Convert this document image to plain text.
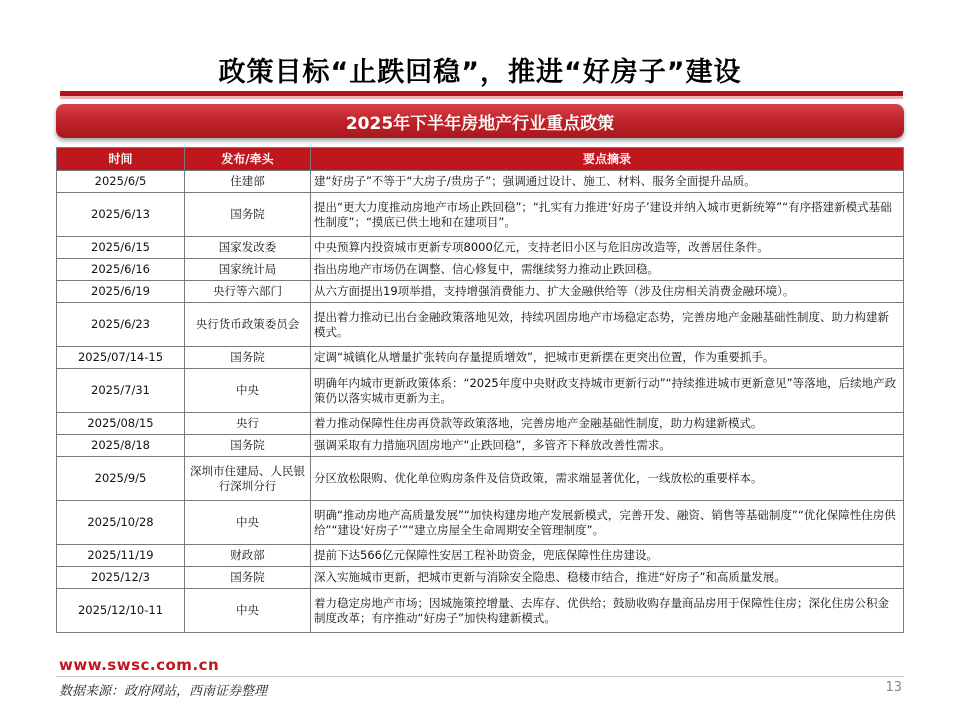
政策目标“止跌回稳”，推进“好房子”建设
2025年下半年房地产行业重点政策
时间	发布/牵头	要点摘录
2025/6/5	住建部	建“好房子”不等于“大房子/贵房子”；强调通过设计、施工、材料、服务全面提升品质。
2025/6/13	国务院	提出“更大力度推动房地产市场止跌回稳”；“扎实有力推进‘好房子’建设并纳入城市更新统筹”“有序搭建新模式基础性制度”；“摸底已供土地和在建项目”。
2025/6/15	国家发改委	中央预算内投资城市更新专项8000亿元，支持老旧小区与危旧房改造等，改善居住条件。
2025/6/16	国家统计局	指出房地产市场仍在调整、信心修复中，需继续努力推动止跌回稳。
2025/6/19	央行等六部门	从六方面提出19项举措，支持增强消费能力、扩大金融供给等（涉及住房相关消费金融环境）。
2025/6/23	央行货币政策委员会	提出着力推动已出台金融政策落地见效，持续巩固房地产市场稳定态势，完善房地产金融基础性制度、助力构建新模式。
2025/07/14-15	国务院	定调“城镇化从增量扩张转向存量提质增效”，把城市更新摆在更突出位置，作为重要抓手。
2025/7/31	中央	明确年内城市更新政策体系：“2025年度中央财政支持城市更新行动”“持续推进城市更新意见”等落地，后续地产政策仍以落实城市更新为主。
2025/08/15	央行	着力推动保障性住房再贷款等政策落地，完善房地产金融基础性制度，助力构建新模式。
2025/8/18	国务院	强调采取有力措施巩固房地产“止跌回稳”，多管齐下释放改善性需求。
2025/9/5	深圳市住建局、人民银行深圳分行	分区放松限购、优化单位购房条件及信贷政策，需求端显著优化，一线放松的重要样本。
2025/10/28	中央	明确“推动房地产高质量发展”“加快构建房地产发展新模式，完善开发、融资、销售等基础制度”“优化保障性住房供给”“建设‘好房子’”“建立房屋全生命周期安全管理制度”。
2025/11/19	财政部	提前下达566亿元保障性安居工程补助资金，兜底保障性住房建设。
2025/12/3	国务院	深入实施城市更新，把城市更新与消除安全隐患、稳楼市结合，推进“好房子”和高质量发展。
2025/12/10-11	中央	着力稳定房地产市场；因城施策控增量、去库存、优供给；鼓励收购存量商品房用于保障性住房；深化住房公积金制度改革；有序推动“好房子”加快构建新模式。
www.swsc.com.cn
数据来源：政府网站，西南证券整理	13
